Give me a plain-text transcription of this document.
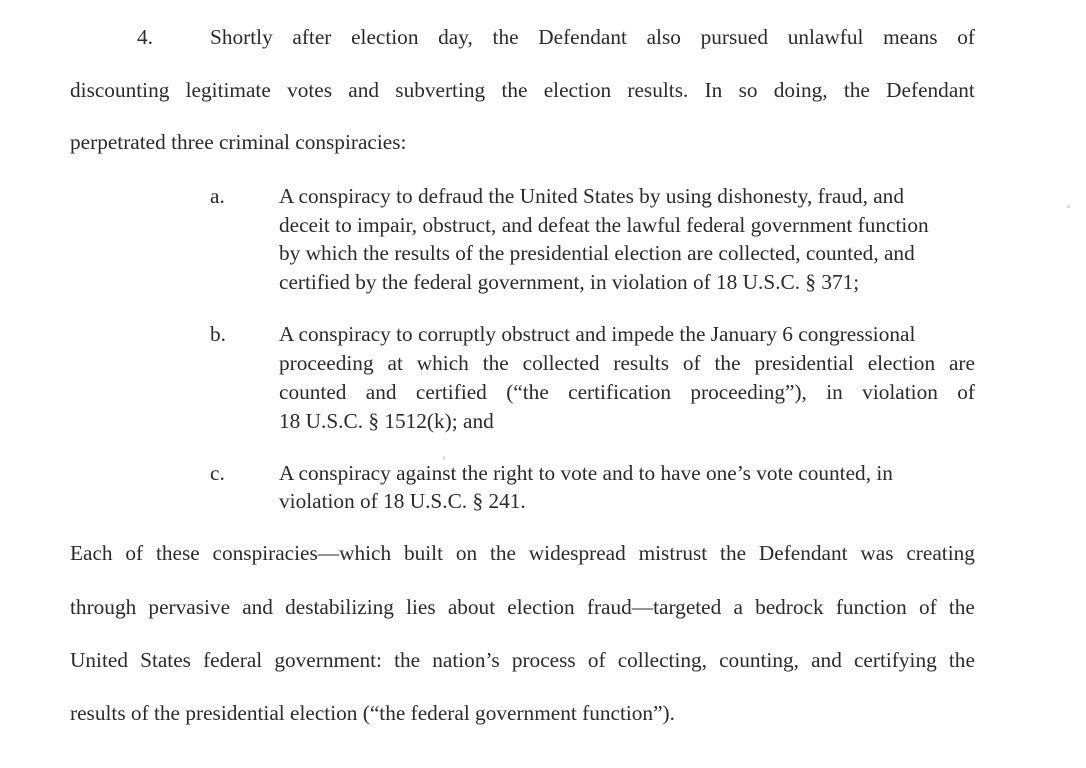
4.	Shortly after election day, the Defendant also pursued unlawful means of
discounting legitimate votes and subverting the election results. In so doing, the Defendant
perpetrated three criminal conspiracies:
a.	A conspiracy to defraud the United States by using dishonesty, fraud, and
deceit to impair, obstruct, and defeat the lawful federal government function
by which the results of the presidential election are collected, counted, and
certified by the federal government, in violation of 18 U.S.C. § 371;
b. A conspiracy to corruptly obstruct and impede the January 6 congressional
proceeding at which the collected results of the presidential election are
counted and certified (“the certification proceeding”), in violation of
18 U.S.C. § 1512(k); and
c.	A conspiracy against the right to vote and to have one’s vote counted, in
violation of 18 U.S.C. § 241.
Each of these conspiracies—which built on the widespread mistrust the Defendant was creating
through pervasive and destabilizing lies about election fraud—targeted a bedrock function of the
United States federal government: the nation’s process of collecting, counting, and certifying the
results of the presidential election (“the federal government function”).
